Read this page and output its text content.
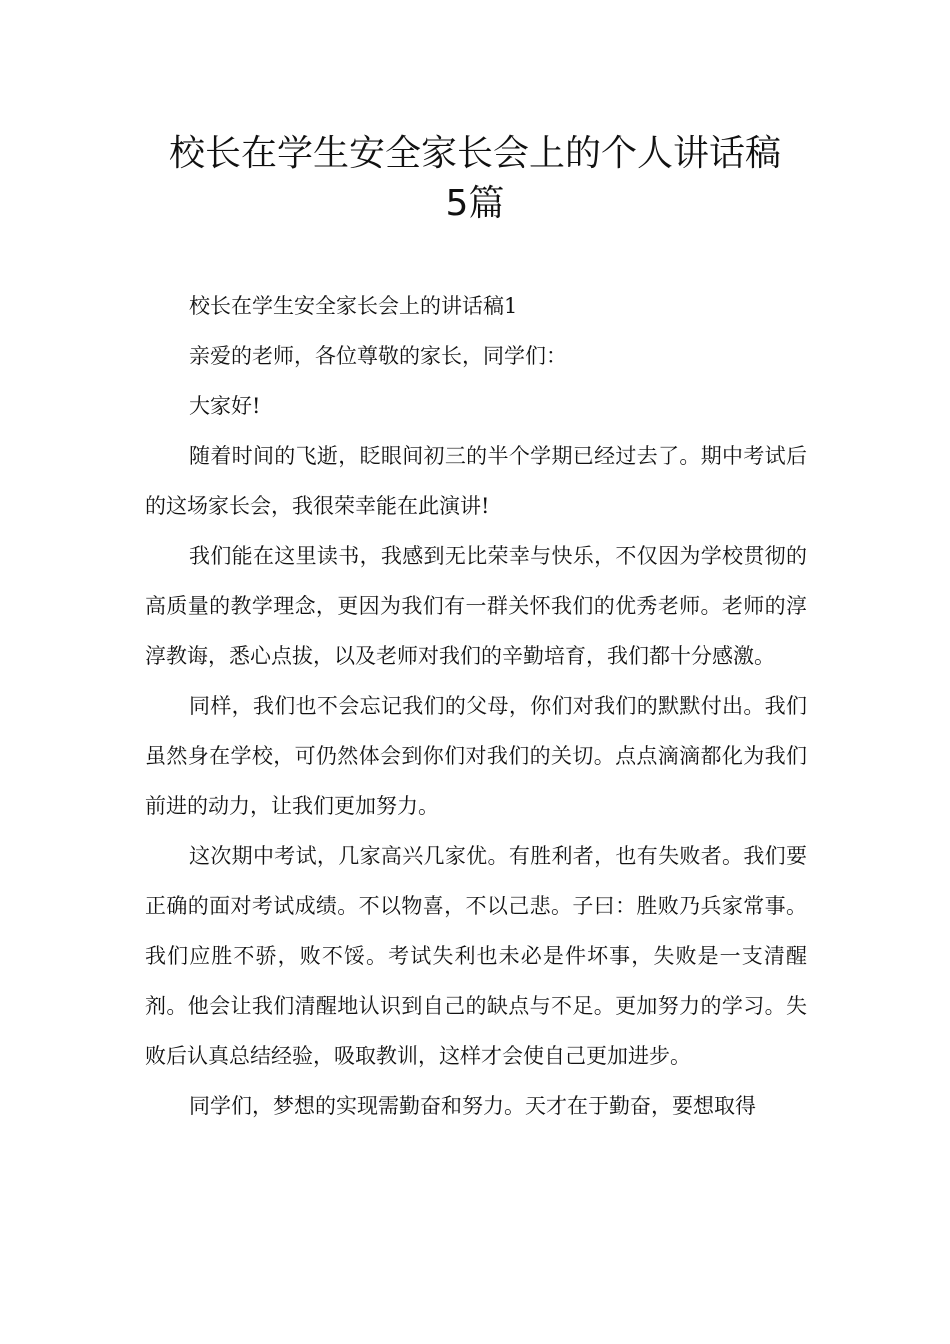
校长在学生安全家长会上的个人讲话稿
5篇

校长在学生安全家长会上的讲话稿1

亲爱的老师，各位尊敬的家长，同学们：

大家好!

随着时间的飞逝，眨眼间初三的半个学期已经过去了。期中考试后的这场家长会，我很荣幸能在此演讲!

我们能在这里读书，我感到无比荣幸与快乐，不仅因为学校贯彻的高质量的教学理念，更因为我们有一群关怀我们的优秀老师。老师的淳淳教诲，悉心点拔，以及老师对我们的辛勤培育，我们都十分感激。

同样，我们也不会忘记我们的父母，你们对我们的默默付出。我们虽然身在学校，可仍然体会到你们对我们的关切。点点滴滴都化为我们前进的动力，让我们更加努力。

这次期中考试，几家高兴几家优。有胜利者，也有失败者。我们要正确的面对考试成绩。不以物喜，不以己悲。子曰：胜败乃兵家常事。我们应胜不骄，败不馁。考试失利也未必是件坏事，失败是一支清醒剂。他会让我们清醒地认识到自己的缺点与不足。更加努力的学习。失败后认真总结经验，吸取教训，这样才会使自己更加进步。

同学们，梦想的实现需勤奋和努力。天才在于勤奋，要想取得
